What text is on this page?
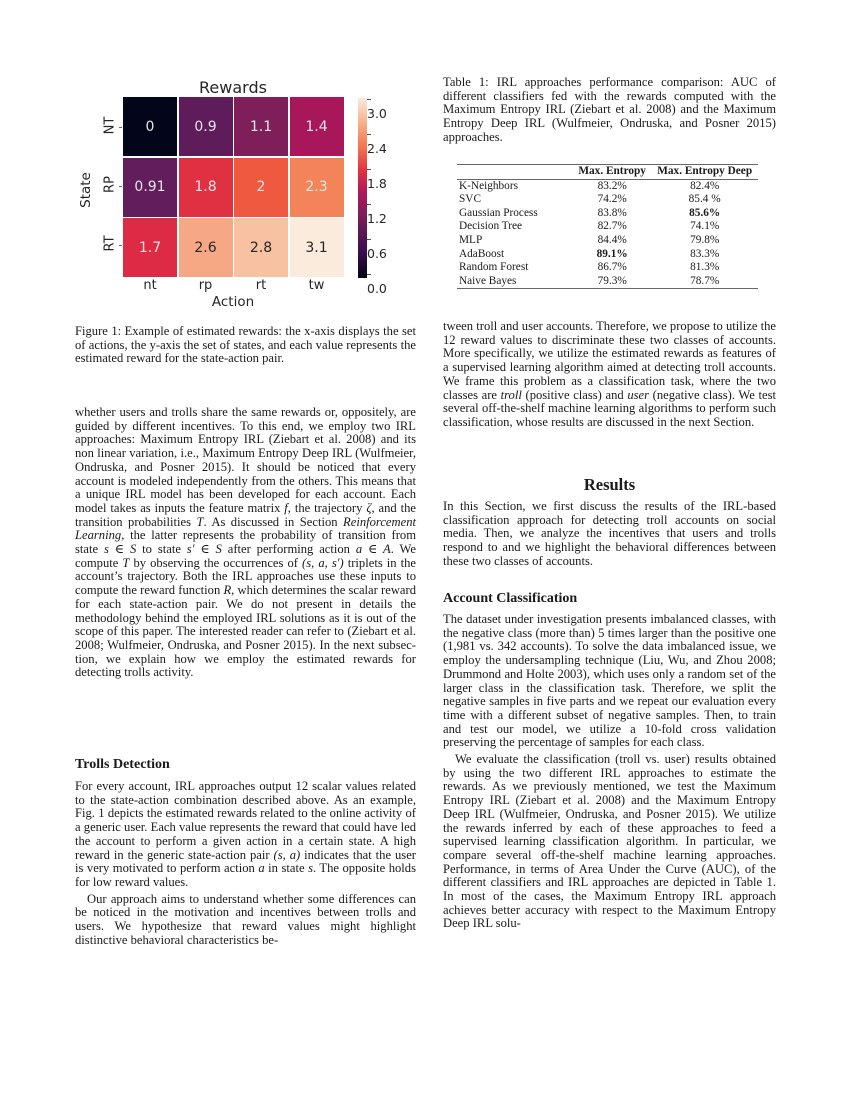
Rewards
State
NT
RP
RT
0	0.9	1.1	1.4
0.91	1.8	2	2.3
1.7	2.6	2.8	3.1
nt	rp	rt	tw
Action
3.0
2.4
1.8
1.2
0.6
0.0
Figure 1: Example of estimated rewards: the x-axis displays the set of actions, the y-axis the set of states, and each value represents the estimated reward for the state-action pair.
Table 1: IRL approaches performance comparison: AUC of different classifiers fed with the rewards computed with the Maximum Entropy IRL (Ziebart et al. 2008) and the Maximum Entropy Deep IRL (Wulfmeier, Ondruska, and Posner 2015) approaches.
	Max. Entropy	Max. Entropy Deep
K-Neighbors	83.2%	82.4%
SVC	74.2%	85.4 %
Gaussian Process	83.8%	85.6%
Decision Tree	82.7%	74.1%
MLP	84.4%	79.8%
AdaBoost	89.1%	83.3%
Random Forest	86.7%	81.3%
Naive Bayes	79.3%	78.7%

whether users and trolls share the same rewards or, oppositely, are guided by different incentives. To this end, we employ two IRL approaches: Maximum Entropy IRL (Ziebart et al. 2008) and its non linear variation, i.e., Maximum Entropy Deep IRL (Wulfmeier, Ondruska, and Posner 2015). It should be noticed that every account is modeled independently from the others. This means that a unique IRL model has been developed for each account. Each model takes as inputs the feature matrix f, the trajectory ζ, and the transition probabilities T. As discussed in Section Reinforcement Learning, the latter represents the probability of transition from state s ∈ S to state s′ ∈ S after performing action a ∈ A. We compute T by observing the occurrences of (s, a, s′) triplets in the account’s trajectory. Both the IRL approaches use these inputs to compute the reward function R, which determines the scalar reward for each state-action pair. We do not present in details the methodology behind the employed IRL solutions as it is out of the scope of this paper. The interested reader can refer to (Ziebart et al. 2008; Wulfmeier, Ondruska, and Posner 2015). In the next subsection, we explain how we employ the estimated rewards for detecting trolls activity.

Trolls Detection

For every account, IRL approaches output 12 scalar values related to the state-action combination described above. As an example, Fig. 1 depicts the estimated rewards related to the online activity of a generic user. Each value represents the reward that could have led the account to perform a given action in a certain state. A high reward in the generic state-action pair (s, a) indicates that the user is very motivated to perform action a in state s. The opposite holds for low reward values.

Our approach aims to understand whether some differences can be noticed in the motivation and incentives between trolls and users. We hypothesize that reward values might highlight distinctive behavioral characteristics be-

tween troll and user accounts. Therefore, we propose to utilize the 12 reward values to discriminate these two classes of accounts. More specifically, we utilize the estimated rewards as features of a supervised learning algorithm aimed at detecting troll accounts. We frame this problem as a classification task, where the two classes are troll (positive class) and user (negative class). We test several off-the-shelf machine learning algorithms to perform such classification, whose results are discussed in the next Section.

Results

In this Section, we first discuss the results of the IRL-based classification approach for detecting troll accounts on social media. Then, we analyze the incentives that users and trolls respond to and we highlight the behavioral differences between these two classes of accounts.

Account Classification

The dataset under investigation presents imbalanced classes, with the negative class (more than) 5 times larger than the positive one (1,981 vs. 342 accounts). To solve the data imbalanced issue, we employ the undersampling technique (Liu, Wu, and Zhou 2008; Drummond and Holte 2003), which uses only a random set of the larger class in the classification task. Therefore, we split the negative samples in five parts and we repeat our evaluation every time with a different subset of negative samples. Then, to train and test our model, we utilize a 10-fold cross validation preserving the percentage of samples for each class.

We evaluate the classification (troll vs. user) results obtained by using the two different IRL approaches to estimate the rewards. As we previously mentioned, we test the Maximum Entropy IRL (Ziebart et al. 2008) and the Maximum Entropy Deep IRL (Wulfmeier, Ondruska, and Posner 2015). We utilize the rewards inferred by each of these approaches to feed a supervised learning classification algorithm. In particular, we compare several off-the-shelf machine learning approaches. Performance, in terms of Area Under the Curve (AUC), of the different classifiers and IRL approaches are depicted in Table 1. In most of the cases, the Maximum Entropy IRL approach achieves better accuracy with respect to the Maximum Entropy Deep IRL solu-
